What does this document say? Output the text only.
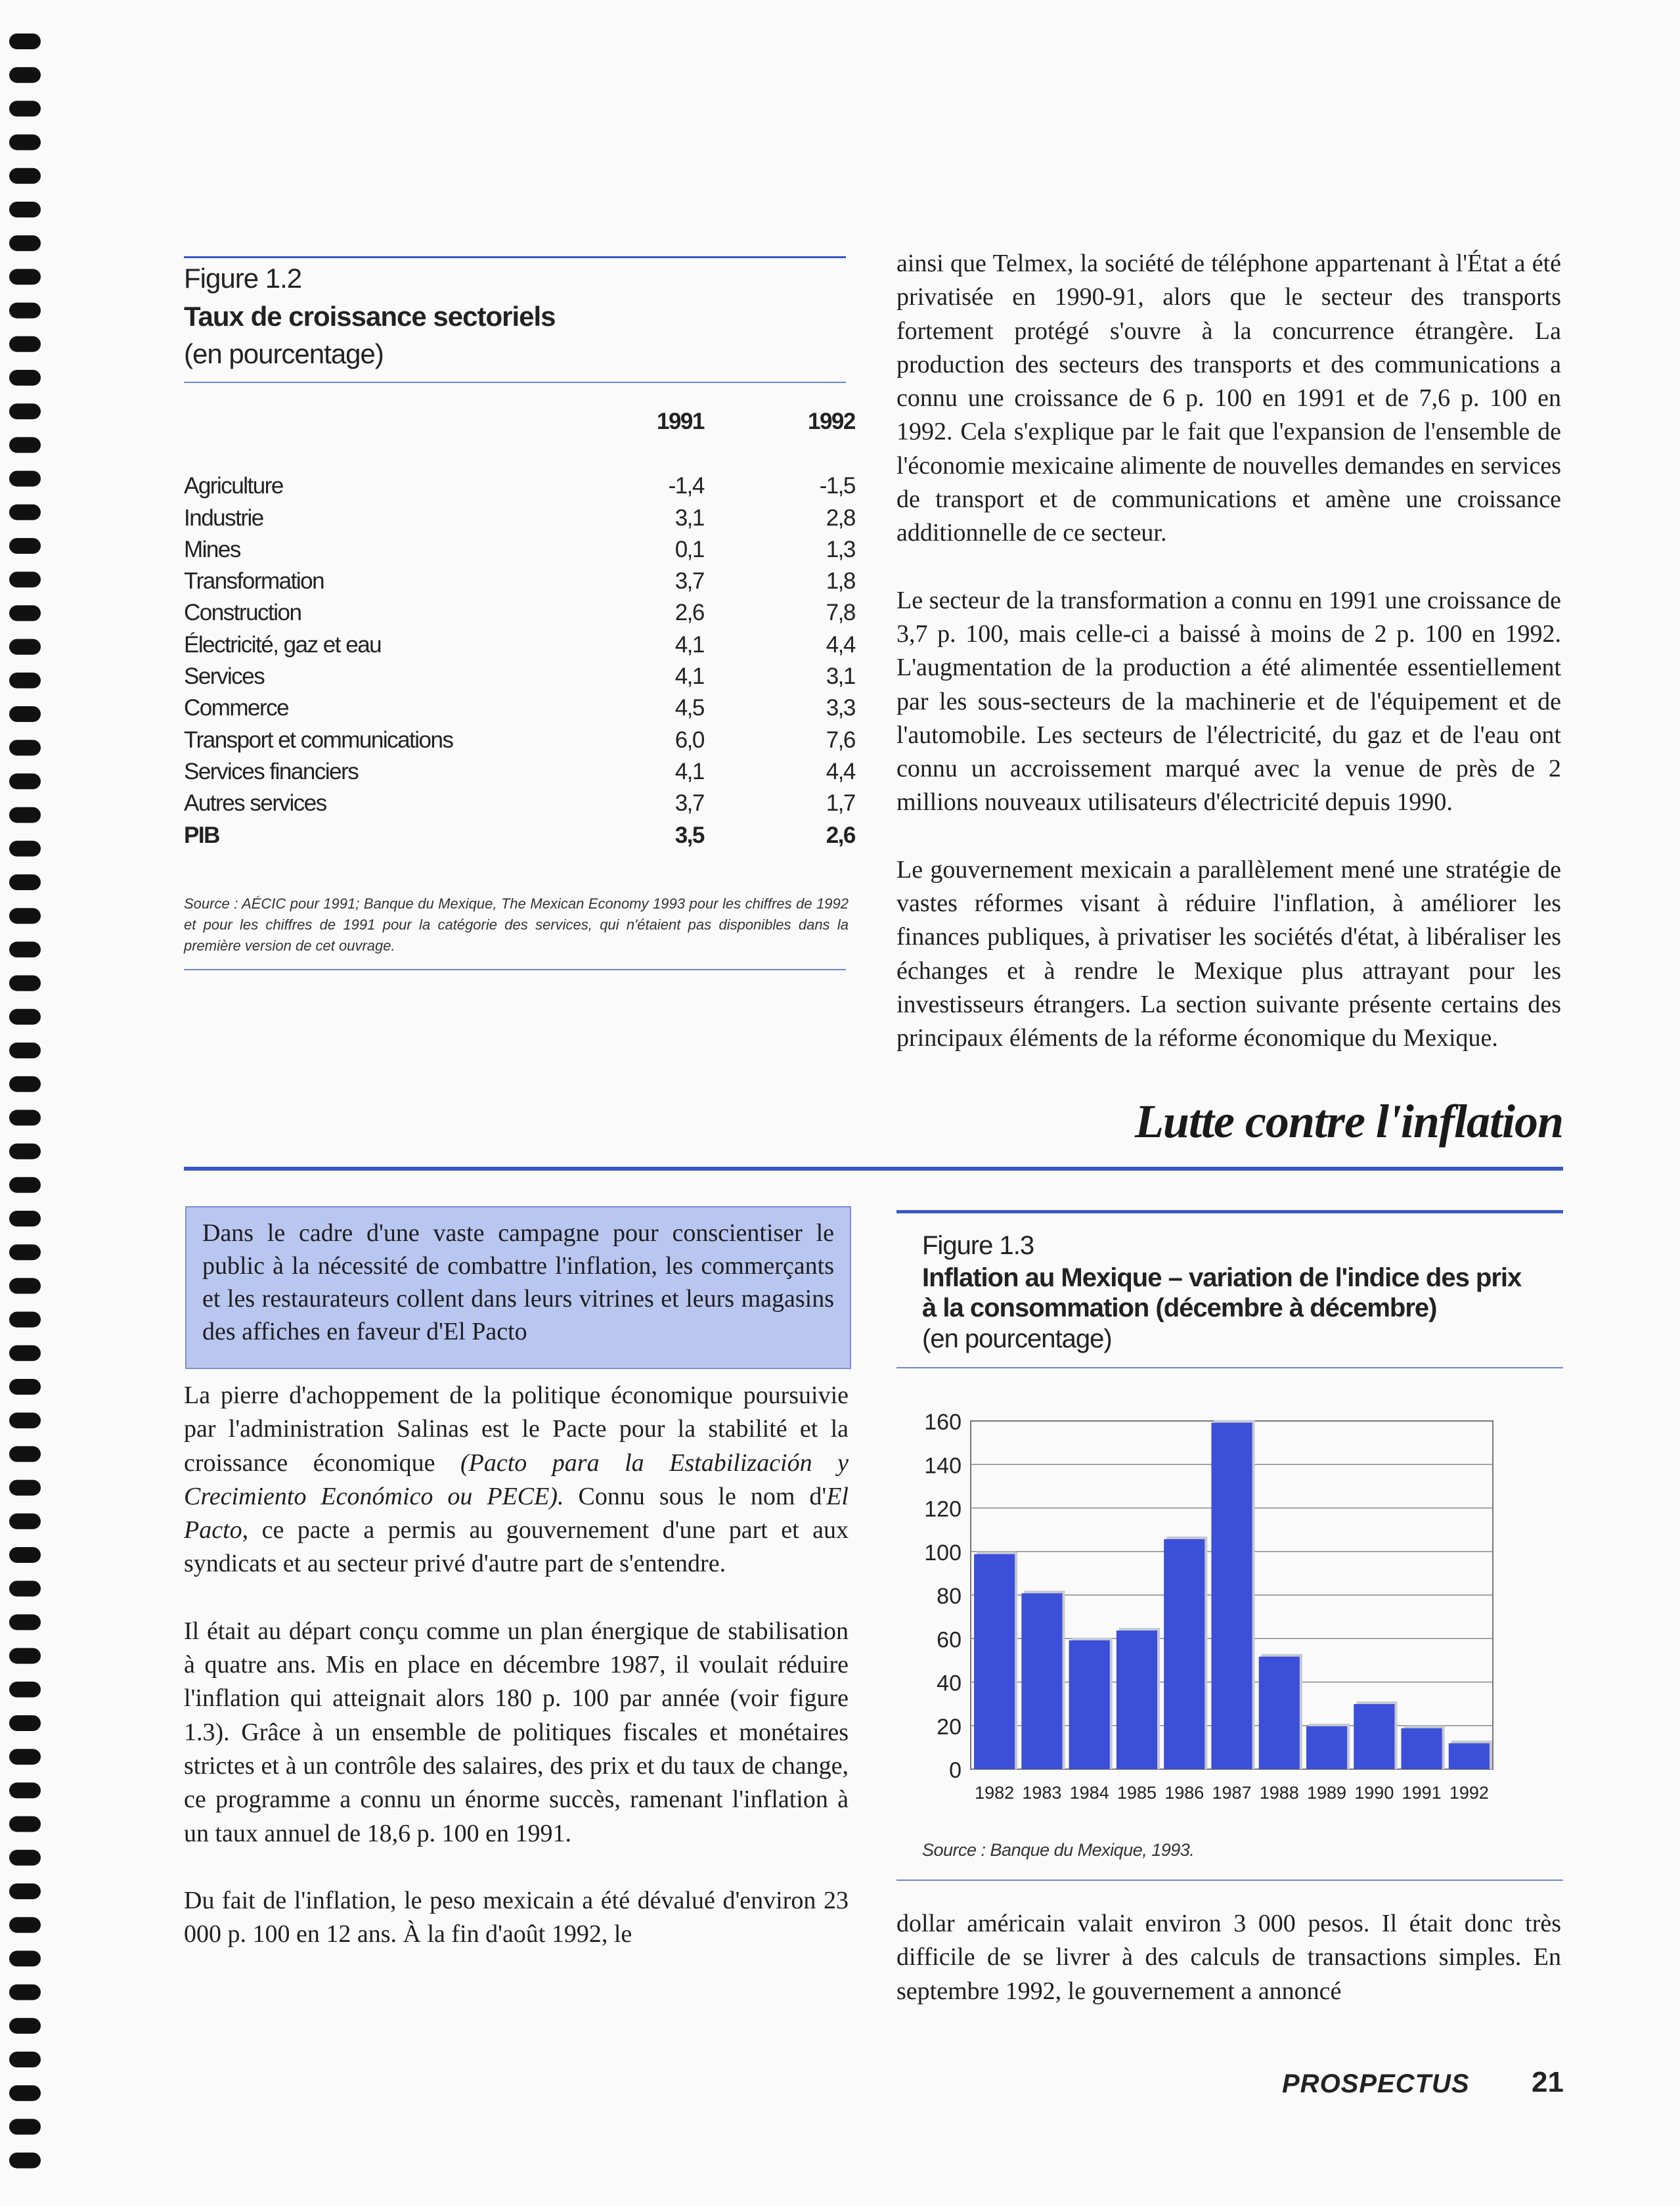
Figure 1.2
Taux de croissance sectoriels
(en pourcentage)
	1991	1992

Agriculture	-1,4	-1,5
Industrie	3,1	2,8
Mines	0,1	1,3
Transformation	3,7	1,8
Construction	2,6	7,8
Électricité, gaz et eau	4,1	4,4
Services	4,1	3,1
Commerce	4,5	3,3
Transport et communications	6,0	7,6
Services financiers	4,1	4,4
Autres services	3,7	1,7
PIB	3,5	2,6
Source : AÉCIC pour 1991; Banque du Mexique, The Mexican Economy 1993 pour les chiffres de 1992 et pour les chiffres de 1991 pour la catégorie des services, qui n'étaient pas disponibles dans la première version de cet ouvrage.

ainsi que Telmex, la société de téléphone appartenant à l'État a été privatisée en 1990-91, alors que le secteur des transports fortement protégé s'ouvre à la concurrence étrangère. La production des secteurs des transports et des communications a connu une croissance de 6 p. 100 en 1991 et de 7,6 p. 100 en 1992. Cela s'explique par le fait que l'expansion de l'ensemble de l'économie mexicaine alimente de nouvelles demandes en services de transport et de communications et amène une croissance additionnelle de ce secteur.

Le secteur de la transformation a connu en 1991 une croissance de 3,7 p. 100, mais celle-ci a baissé à moins de 2 p. 100 en 1992. L'augmentation de la production a été alimentée essentiellement par les sous-secteurs de la machinerie et de l'équipement et de l'automobile. Les secteurs de l'électricité, du gaz et de l'eau ont connu un accroissement marqué avec la venue de près de 2 millions nouveaux utilisateurs d'électricité depuis 1990.

Le gouvernement mexicain a parallèlement mené une stratégie de vastes réformes visant à réduire l'inflation, à améliorer les finances publiques, à privatiser les sociétés d'état, à libéraliser les échanges et à rendre le Mexique plus attrayant pour les investisseurs étrangers. La section suivante présente certains des principaux éléments de la réforme économique du Mexique.

Lutte contre l'inflation
Dans le cadre d'une vaste campagne pour conscientiser le public à la nécessité de combattre l'inflation, les commerçants et les restaurateurs collent dans leurs vitrines et leurs magasins des affiches en faveur d'El Pacto

La pierre d'achoppement de la politique économique poursuivie par l'administration Salinas est le Pacte pour la stabilité et la croissance économique (Pacto para la Estabilización y Crecimiento Económico ou PECE). Connu sous le nom d'El Pacto, ce pacte a permis au gouvernement d'une part et aux syndicats et au secteur privé d'autre part de s'entendre.

Il était au départ conçu comme un plan énergique de stabilisation à quatre ans. Mis en place en décembre 1987, il voulait réduire l'inflation qui atteignait alors 180 p. 100 par année (voir figure 1.3). Grâce à un ensemble de politiques fiscales et monétaires strictes et à un contrôle des salaires, des prix et du taux de change, ce programme a connu un énorme succès, ramenant l'inflation à un taux annuel de 18,6 p. 100 en 1991.

Du fait de l'inflation, le peso mexicain a été dévalué d'environ 23 000 p. 100 en 12 ans. À la fin d'août 1992, le

Figure 1.3
Inflation au Mexique – variation de l'indice des prix
à la consommation (décembre à décembre)
(en pourcentage)
0
20
40
60
80
100
120
140
160
1982 1983 1984 1985 1986 1987 1988 1989 1990 1991 1992
Source : Banque du Mexique, 1993.

dollar américain valait environ 3 000 pesos. Il était donc très difficile de se livrer à des calculs de transactions simples. En septembre 1992, le gouvernement a annoncé

PROSPECTUS 21
